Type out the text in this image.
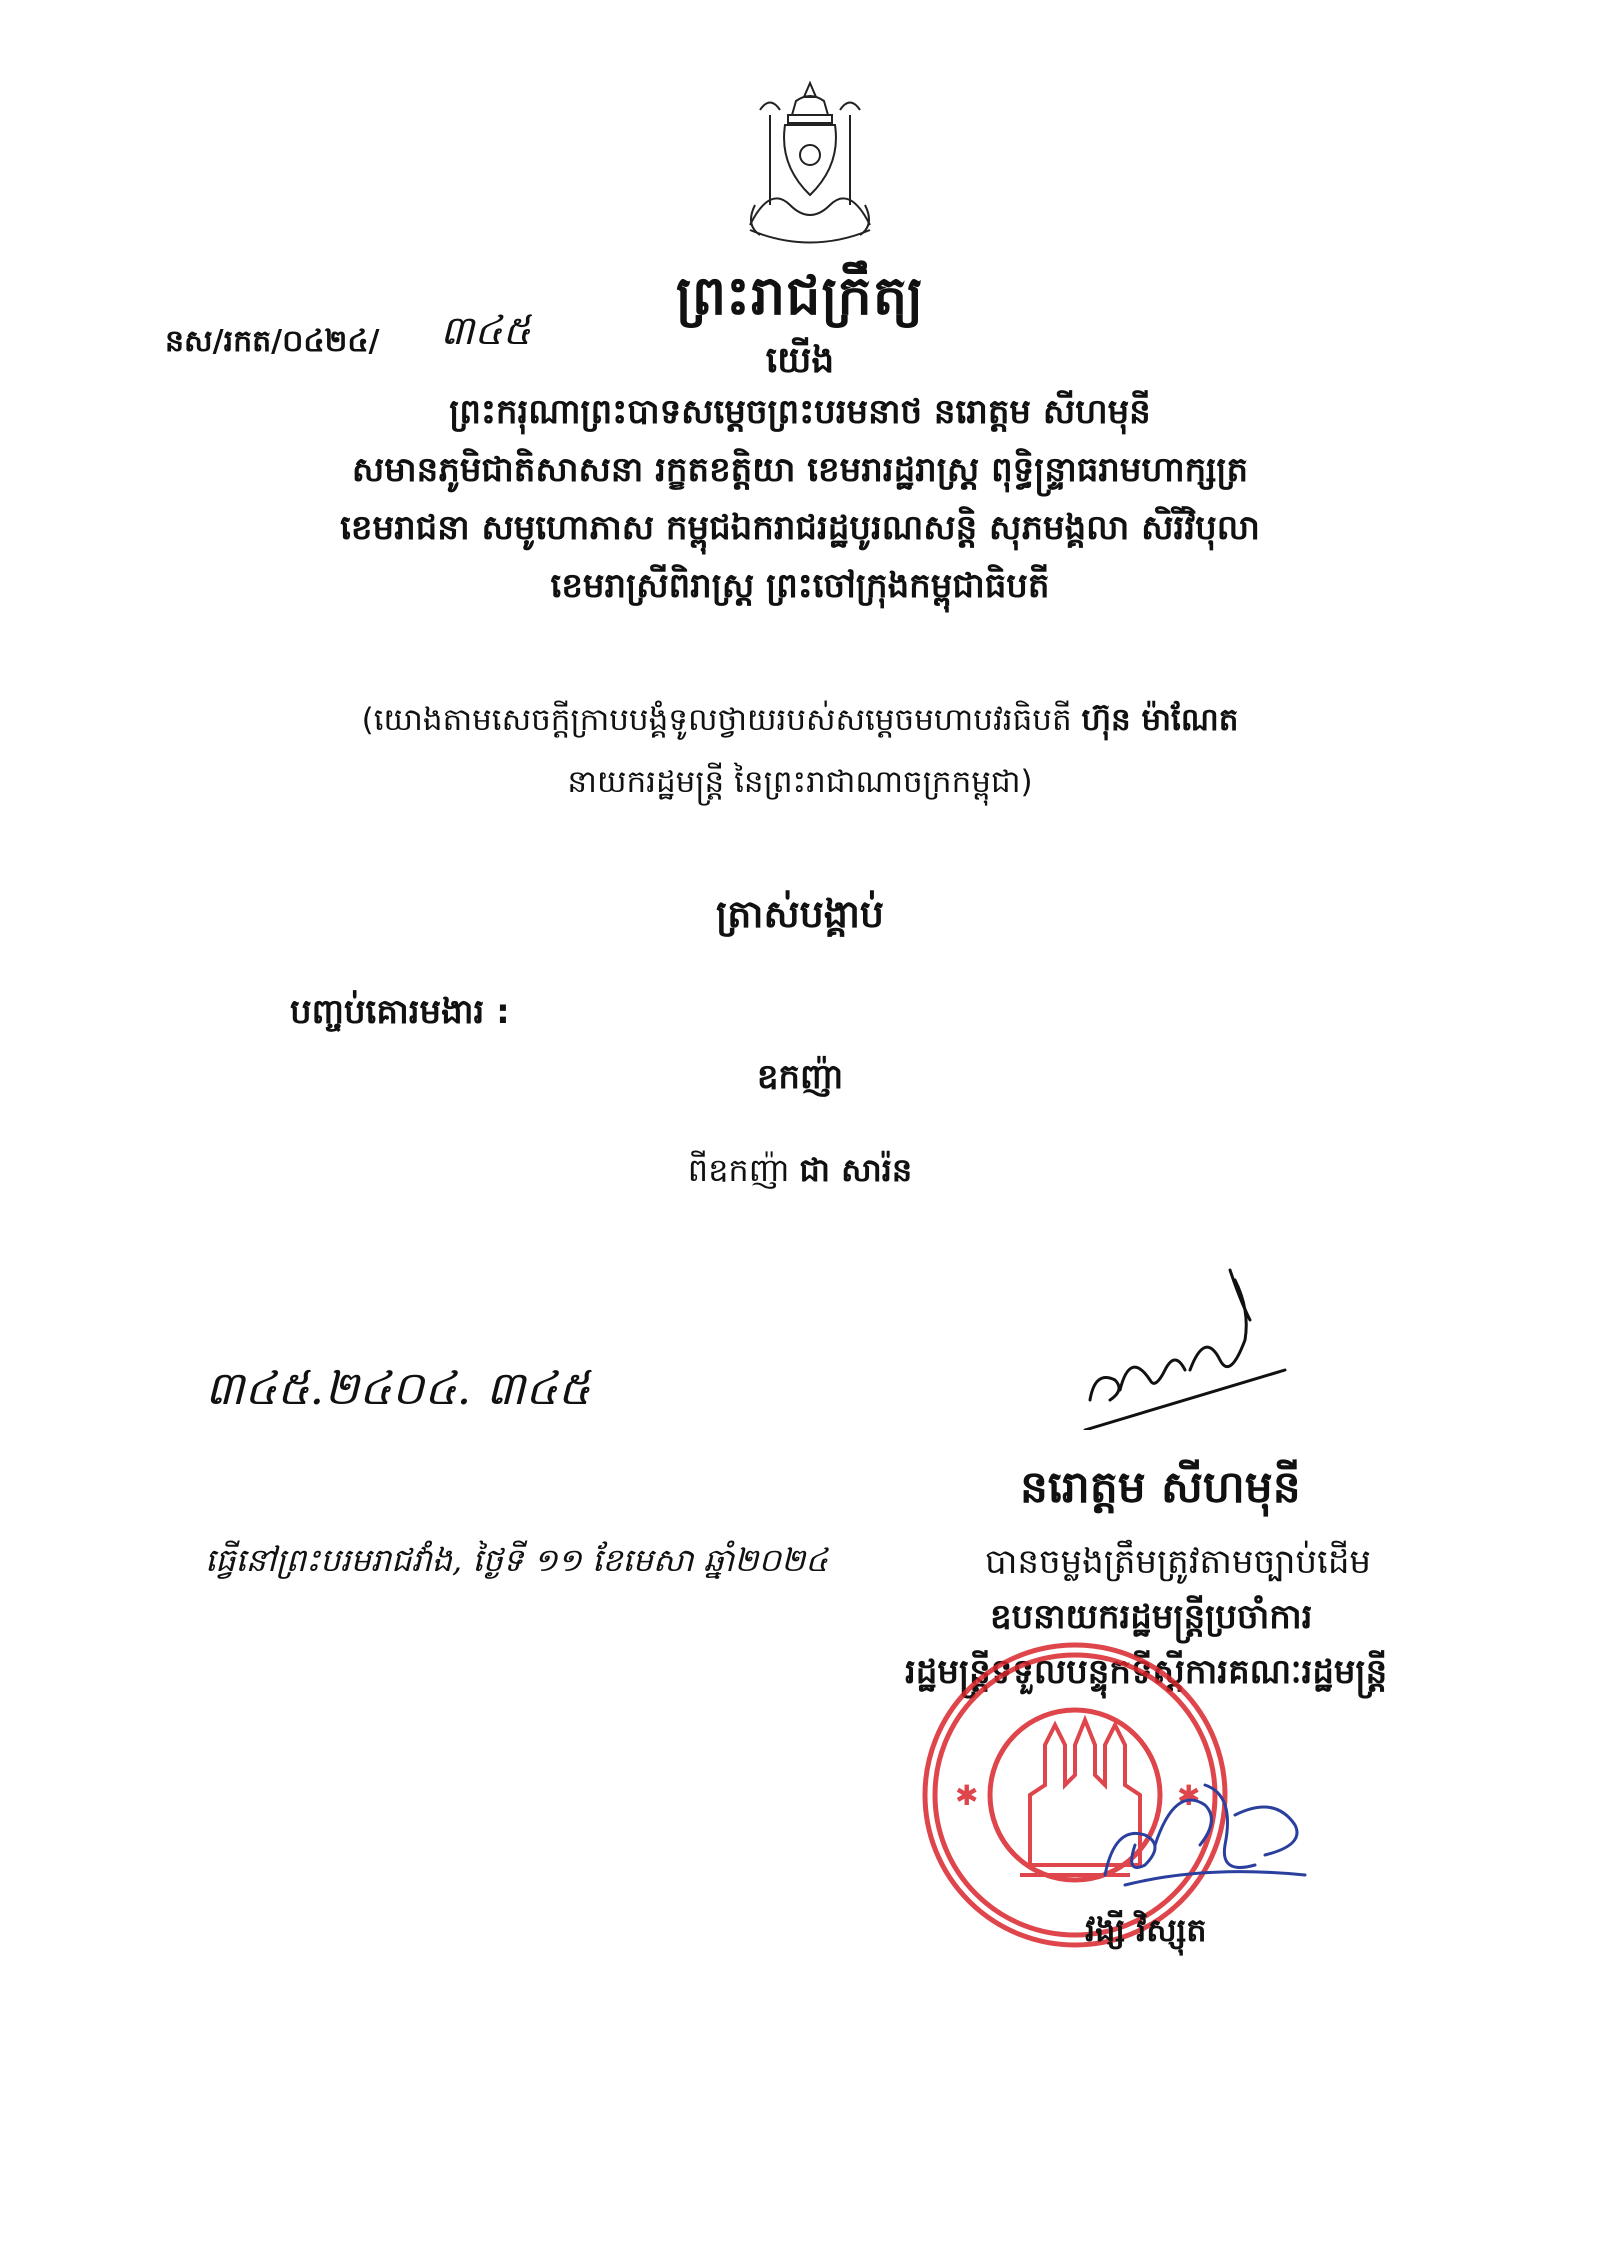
ព្រះរាជក្រឹត្យ
នស/រកត/០៤២៤/ ៣៤៥
យើង
ព្រះករុណាព្រះបាទសម្តេចព្រះបរមនាថ នរោត្តម សីហមុនី
សមានភូមិជាតិសាសនា រក្ខតខត្តិយា ខេមរារដ្ឋរាស្ត្រ ពុទ្ធិន្ទ្រាធរាមហាក្សត្រ
ខេមរាជនា សមូហោភាស កម្ពុជឯករាជរដ្ឋបូរណសន្តិ សុភមង្គលា សិរីវិបុលា
ខេមរាស្រីពិរាស្ត្រ ព្រះចៅក្រុងកម្ពុជាធិបតី
(យោងតាមសេចក្តីក្រាបបង្គំទូលថ្វាយរបស់សម្តេចមហាបវរធិបតី ហ៊ុន ម៉ាណែត
នាយករដ្ឋមន្ត្រី នៃព្រះរាជាណាចក្រកម្ពុជា)
ត្រាស់បង្គាប់
បញ្ចប់គោរមងារ :
ឧកញ៉ា
ពីឧកញ៉ា ជា សារ៉ន
៣៤៥.២៤០៤. ៣៤៥
នរោត្តម សីហមុនី
ធ្វើនៅព្រះបរមរាជវាំង, ថ្ងៃទី ១១ ខែមេសា ឆ្នាំ២០២៤	បានចម្លងត្រឹមត្រូវតាមច្បាប់ដើម
ឧបនាយករដ្ឋមន្ត្រីប្រចាំការ
រដ្ឋមន្ត្រីទទួលបន្ទុកទីស្តីការគណៈរដ្ឋមន្ត្រី
✱	✱
វង្សី វិស្សុត
